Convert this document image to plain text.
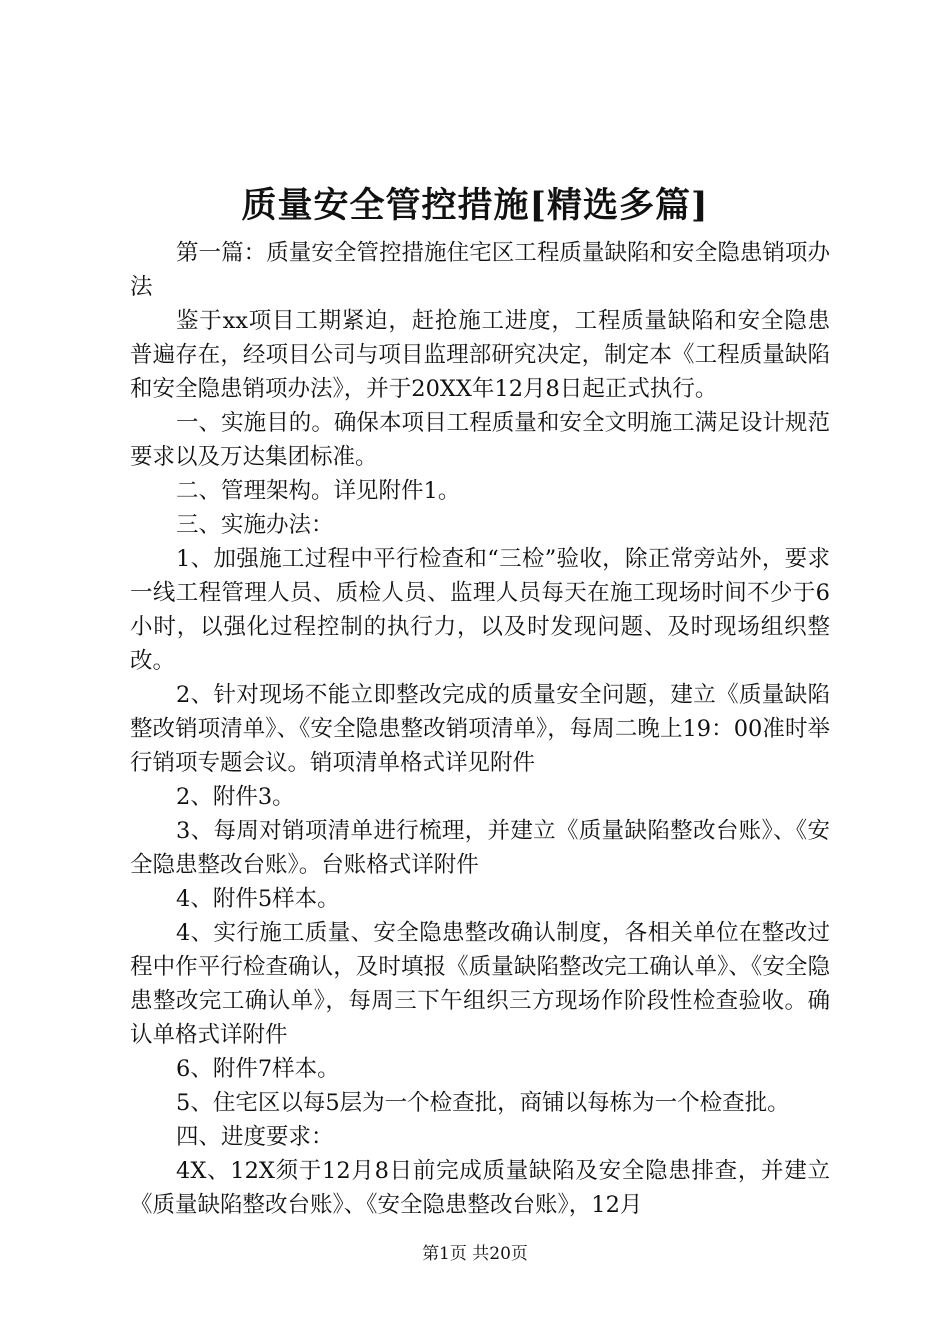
质量安全管控措施[精选多篇]

第一篇：质量安全管控措施住宅区工程质量缺陷和安全隐患销项办法

鉴于xx项目工期紧迫，赶抢施工进度，工程质量缺陷和安全隐患普遍存在，经项目公司与项目监理部研究决定，制定本《工程质量缺陷和安全隐患销项办法》，并于20XX年12月8日起正式执行。

一、实施目的。确保本项目工程质量和安全文明施工满足设计规范要求以及万达集团标准。

二、管理架构。详见附件1。

三、实施办法：

1、加强施工过程中平行检查和“三检”验收，除正常旁站外，要求一线工程管理人员、质检人员、监理人员每天在施工现场时间不少于6小时，以强化过程控制的执行力，以及时发现问题、及时现场组织整改。

2、针对现场不能立即整改完成的质量安全问题，建立《质量缺陷整改销项清单》、《安全隐患整改销项清单》，每周二晚上19：00准时举行销项专题会议。销项清单格式详见附件

2、附件3。

3、每周对销项清单进行梳理，并建立《质量缺陷整改台账》、《安全隐患整改台账》。台账格式详附件

4、附件5样本。

4、实行施工质量、安全隐患整改确认制度，各相关单位在整改过程中作平行检查确认，及时填报《质量缺陷整改完工确认单》、《安全隐患整改完工确认单》，每周三下午组织三方现场作阶段性检查验收。确认单格式详附件

6、附件7样本。

5、住宅区以每5层为一个检查批，商铺以每栋为一个检查批。

四、进度要求：

4X、12X须于12月8日前完成质量缺陷及安全隐患排查，并建立《质量缺陷整改台账》、《安全隐患整改台账》，12月

第1页 共20页
